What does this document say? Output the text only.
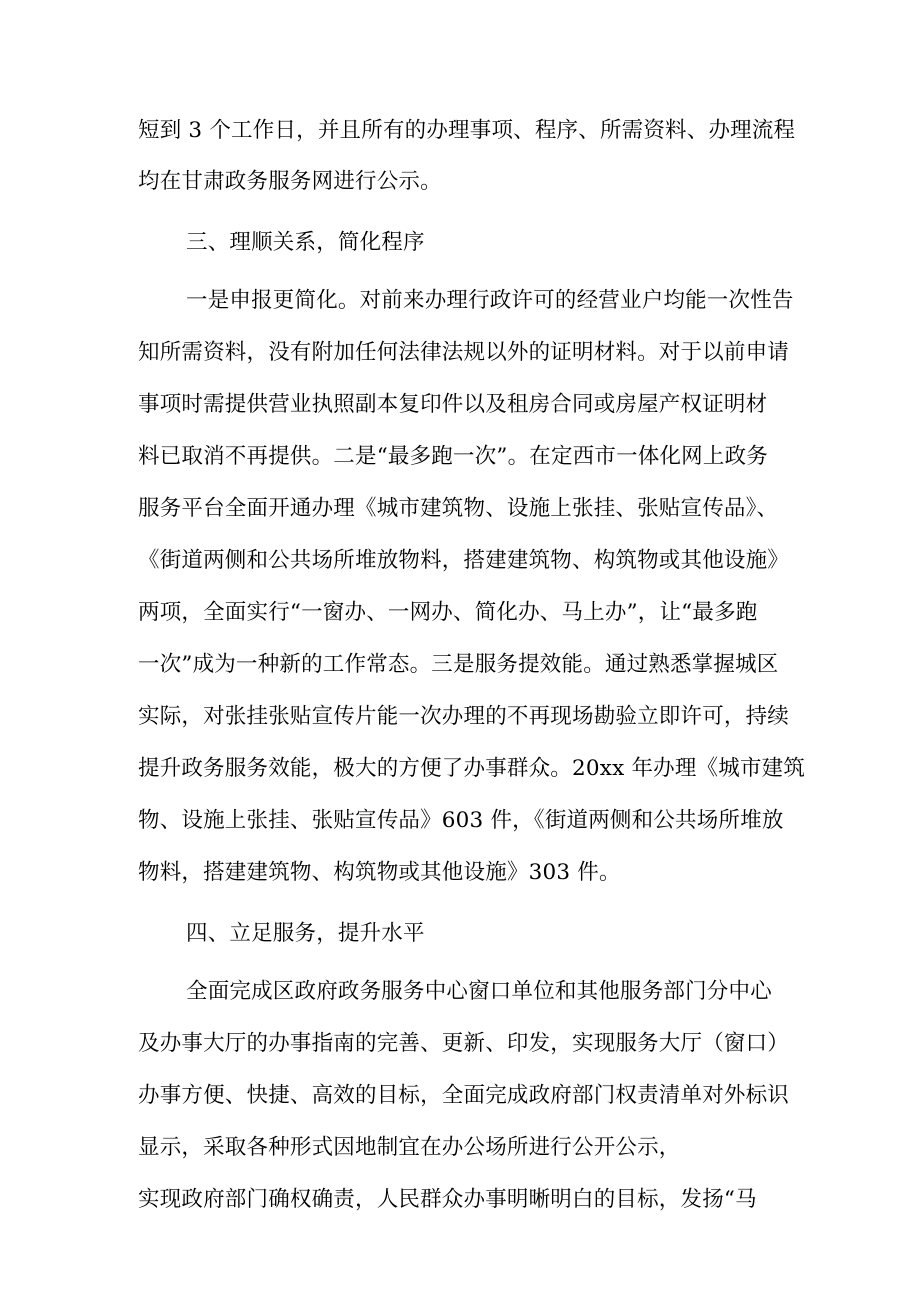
短到 3 个工作日，并且所有的办理事项、程序、所需资料、办理流程
均在甘肃政务服务网进行公示。
三、理顺关系，简化程序
一是申报更简化。对前来办理行政许可的经营业户均能一次性告
知所需资料，没有附加任何法律法规以外的证明材料。对于以前申请
事项时需提供营业执照副本复印件以及租房合同或房屋产权证明材
料已取消不再提供。二是“最多跑一次”。在定西市一体化网上政务
服务平台全面开通办理《城市建筑物、设施上张挂、张贴宣传品》、
《街道两侧和公共场所堆放物料，搭建建筑物、构筑物或其他设施》
两项，全面实行“一窗办、一网办、简化办、马上办”，让“最多跑
一次”成为一种新的工作常态。三是服务提效能。通过熟悉掌握城区
实际，对张挂张贴宣传片能一次办理的不再现场勘验立即许可，持续
提升政务服务效能，极大的方便了办事群众。20xx 年办理《城市建筑
物、设施上张挂、张贴宣传品》603 件，《街道两侧和公共场所堆放
物料，搭建建筑物、构筑物或其他设施》303 件。
四、立足服务，提升水平
全面完成区政府政务服务中心窗口单位和其他服务部门分中心
及办事大厅的办事指南的完善、更新、印发，实现服务大厅（窗口）
办事方便、快捷、高效的目标，全面完成政府部门权责清单对外标识
显示，采取各种形式因地制宜在办公场所进行公开公示，
实现政府部门确权确责，人民群众办事明晰明白的目标，发扬“马
